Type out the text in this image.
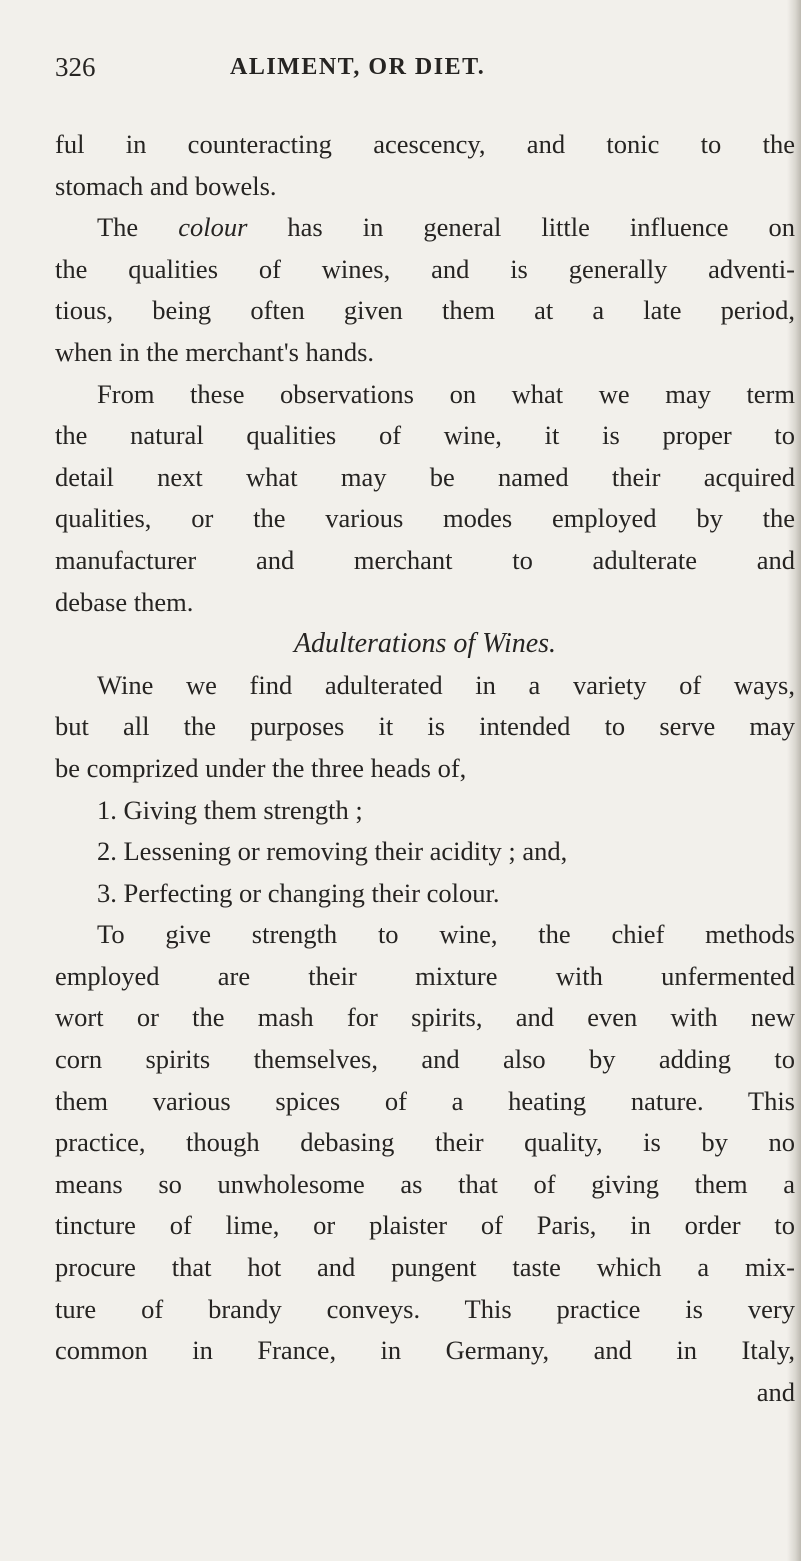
326	ALIMENT, OR DIET.
ful in counteracting acescency, and tonic to the
stomach and bowels.
The colour has in general little influence on
the qualities of wines, and is generally adventi-
tious, being often given them at a late period,
when in the merchant's hands.
From these observations on what we may term
the natural qualities of wine, it is proper to
detail next what may be named their acquired
qualities, or the various modes employed by the
manufacturer and merchant to adulterate and
debase them.
Adulterations of Wines.
Wine we find adulterated in a variety of ways,
but all the purposes it is intended to serve may
be comprized under the three heads of,
1. Giving them strength ;
2. Lessening or removing their acidity ; and,
3. Perfecting or changing their colour.
To give strength to wine, the chief methods
employed are their mixture with unfermented
wort or the mash for spirits, and even with new
corn spirits themselves, and also by adding to
them various spices of a heating nature. This
practice, though debasing their quality, is by no
means so unwholesome as that of giving them a
tincture of lime, or plaister of Paris, in order to
procure that hot and pungent taste which a mix-
ture of brandy conveys. This practice is very
common in France, in Germany, and in Italy,
and
